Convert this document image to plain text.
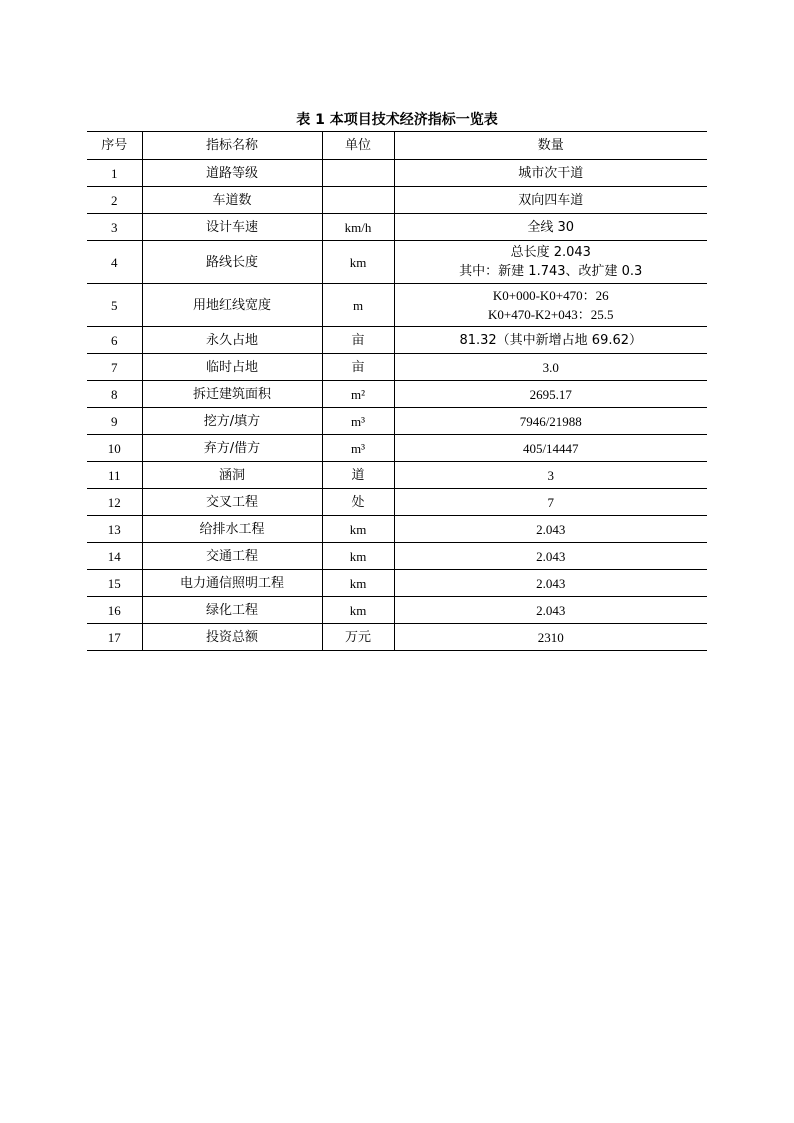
表 1 本项目技术经济指标一览表
序号	指标名称	单位	数量
1	道路等级		城市次干道

2	车道数		双向四车道

3	设计车速	km/h	全线 30

4	路线长度	km	总长度 2.043
其中：新建 1.743、改扩建 0.3

5	用地红线宽度	m	K0+000-K0+470：26
K0+470-K2+043：25.5

6	永久占地	亩	81.32（其中新增占地 69.62）

7	临时占地	亩	3.0

8	拆迁建筑面积	m²	2695.17

9	挖方/填方	m³	7946/21988

10	弃方/借方	m³	405/14447

11	涵洞	道	3

12	交叉工程	处	7

13	给排水工程	km	2.043

14	交通工程	km	2.043

15	电力通信照明工程	km	2.043

16	绿化工程	km	2.043

17	投资总额	万元	2310
